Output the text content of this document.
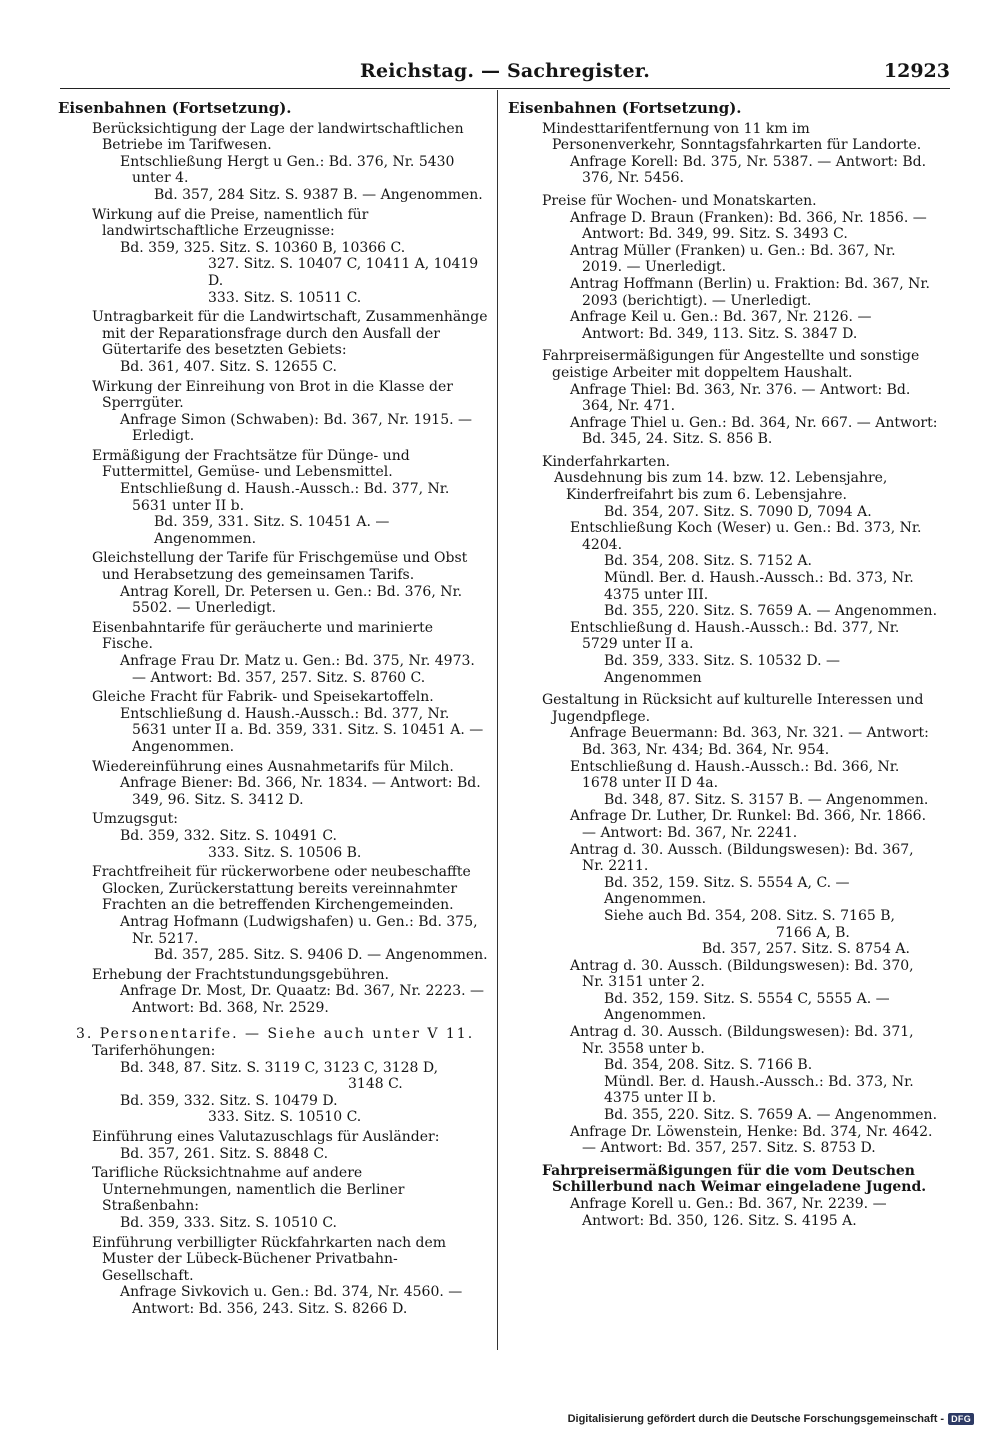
Reichstag. — Sachregister.	12923
Eisenbahnen (Fortsetzung).
Berücksichtigung der Lage der landwirtschaftlichen Betriebe im Tarifwesen.
Entschließung Hergt u Gen.: Bd. 376, Nr. 5430 unter 4.
Bd. 357, 284 Sitz. S. 9387 B. — Angenommen.
Wirkung auf die Preise, namentlich für landwirtschaftliche Erzeugnisse:
Bd. 359, 325. Sitz. S. 10360 B, 10366 C.
327. Sitz. S. 10407 C, 10411 A, 10419 D.
333. Sitz. S. 10511 C.
Untragbarkeit für die Landwirtschaft, Zusammenhänge mit der Reparationsfrage durch den Ausfall der Gütertarife des besetzten Gebiets:
Bd. 361, 407. Sitz. S. 12655 C.
Wirkung der Einreihung von Brot in die Klasse der Sperrgüter.
Anfrage Simon (Schwaben): Bd. 367, Nr. 1915. — Erledigt.
Ermäßigung der Frachtsätze für Dünge- und Futtermittel, Gemüse- und Lebensmittel.
Entschließung d. Haush.-Aussch.: Bd. 377, Nr. 5631 unter II b.
Bd. 359, 331. Sitz. S. 10451 A. — Angenommen.
Gleichstellung der Tarife für Frischgemüse und Obst und Herabsetzung des gemeinsamen Tarifs.
Antrag Korell, Dr. Petersen u. Gen.: Bd. 376, Nr. 5502. — Unerledigt.
Eisenbahntarife für geräucherte und marinierte Fische.
Anfrage Frau Dr. Matz u. Gen.: Bd. 375, Nr. 4973. — Antwort: Bd. 357, 257. Sitz. S. 8760 C.
Gleiche Fracht für Fabrik- und Speisekartoffeln.
Entschließung d. Haush.-Aussch.: Bd. 377, Nr. 5631 unter II a. Bd. 359, 331. Sitz. S. 10451 A. — Angenommen.
Wiedereinführung eines Ausnahmetarifs für Milch.
Anfrage Biener: Bd. 366, Nr. 1834. — Antwort: Bd. 349, 96. Sitz. S. 3412 D.
Umzugsgut:
Bd. 359, 332. Sitz. S. 10491 C.
333. Sitz. S. 10506 B.
Frachtfreiheit für rückerworbene oder neubeschaffte Glocken, Zurückerstattung bereits vereinnahmter Frachten an die betreffenden Kirchengemeinden.
Antrag Hofmann (Ludwigshafen) u. Gen.: Bd. 375, Nr. 5217.
Bd. 357, 285. Sitz. S. 9406 D. — Angenommen.
Erhebung der Frachtstundungsgebühren.
Anfrage Dr. Most, Dr. Quaatz: Bd. 367, Nr. 2223. — Antwort: Bd. 368, Nr. 2529.
3. Personentarife. — Siehe auch unter V 11.
Tariferhöhungen:
Bd. 348, 87. Sitz. S. 3119 C, 3123 C, 3128 D,
3148 C.
Bd. 359, 332. Sitz. S. 10479 D.
333. Sitz. S. 10510 C.
Einführung eines Valutazuschlags für Ausländer:
Bd. 357, 261. Sitz. S. 8848 C.
Tarifliche Rücksichtnahme auf andere Unternehmungen, namentlich die Berliner Straßenbahn:
Bd. 359, 333. Sitz. S. 10510 C.
Einführung verbilligter Rückfahrkarten nach dem Muster der Lübeck-Büchener Privatbahn-Gesellschaft.
Anfrage Sivkovich u. Gen.: Bd. 374, Nr. 4560. — Antwort: Bd. 356, 243. Sitz. S. 8266 D.
Eisenbahnen (Fortsetzung).
Mindesttarifentfernung von 11 km im Personenverkehr, Sonntagsfahrkarten für Landorte.
Anfrage Korell: Bd. 375, Nr. 5387. — Antwort: Bd. 376, Nr. 5456.
Preise für Wochen- und Monatskarten.
Anfrage D. Braun (Franken): Bd. 366, Nr. 1856. — Antwort: Bd. 349, 99. Sitz. S. 3493 C.
Antrag Müller (Franken) u. Gen.: Bd. 367, Nr. 2019. — Unerledigt.
Antrag Hoffmann (Berlin) u. Fraktion: Bd. 367, Nr. 2093 (berichtigt). — Unerledigt.
Anfrage Keil u. Gen.: Bd. 367, Nr. 2126. — Antwort: Bd. 349, 113. Sitz. S. 3847 D.
Fahrpreisermäßigungen für Angestellte und sonstige geistige Arbeiter mit doppeltem Haushalt.
Anfrage Thiel: Bd. 363, Nr. 376. — Antwort: Bd. 364, Nr. 471.
Anfrage Thiel u. Gen.: Bd. 364, Nr. 667. — Antwort: Bd. 345, 24. Sitz. S. 856 B.
Kinderfahrkarten.
Ausdehnung bis zum 14. bzw. 12. Lebensjahre, Kinderfreifahrt bis zum 6. Lebensjahre.
Bd. 354, 207. Sitz. S. 7090 D, 7094 A.
Entschließung Koch (Weser) u. Gen.: Bd. 373, Nr. 4204.
Bd. 354, 208. Sitz. S. 7152 A.
Mündl. Ber. d. Haush.-Aussch.: Bd. 373, Nr. 4375 unter III.
Bd. 355, 220. Sitz. S. 7659 A. — Angenommen.
Entschließung d. Haush.-Aussch.: Bd. 377, Nr. 5729 unter II a.
Bd. 359, 333. Sitz. S. 10532 D. — Angenommen
Gestaltung in Rücksicht auf kulturelle Interessen und Jugendpflege.
Anfrage Beuermann: Bd. 363, Nr. 321. — Antwort: Bd. 363, Nr. 434; Bd. 364, Nr. 954.
Entschließung d. Haush.-Aussch.: Bd. 366, Nr. 1678 unter II D 4a.
Bd. 348, 87. Sitz. S. 3157 B. — Angenommen.
Anfrage Dr. Luther, Dr. Runkel: Bd. 366, Nr. 1866. — Antwort: Bd. 367, Nr. 2241.
Antrag d. 30. Aussch. (Bildungswesen): Bd. 367, Nr. 2211.
Bd. 352, 159. Sitz. S. 5554 A, C. — Angenommen.
Siehe auch Bd. 354, 208. Sitz. S. 7165 B,
7166 A, B.
Bd. 357, 257. Sitz. S. 8754 A.
Antrag d. 30. Aussch. (Bildungswesen): Bd. 370, Nr. 3151 unter 2.
Bd. 352, 159. Sitz. S. 5554 C, 5555 A. — Angenommen.
Antrag d. 30. Aussch. (Bildungswesen): Bd. 371, Nr. 3558 unter b.
Bd. 354, 208. Sitz. S. 7166 B.
Mündl. Ber. d. Haush.-Aussch.: Bd. 373, Nr. 4375 unter II b.
Bd. 355, 220. Sitz. S. 7659 A. — Angenommen.
Anfrage Dr. Löwenstein, Henke: Bd. 374, Nr. 4642. — Antwort: Bd. 357, 257. Sitz. S. 8753 D.
Fahrpreisermäßigungen für die vom Deutschen Schillerbund nach Weimar eingeladene Jugend.
Anfrage Korell u. Gen.: Bd. 367, Nr. 2239. — Antwort: Bd. 350, 126. Sitz. S. 4195 A.
Digitalisierung gefördert durch die Deutsche Forschungsgemeinschaft - DFG
